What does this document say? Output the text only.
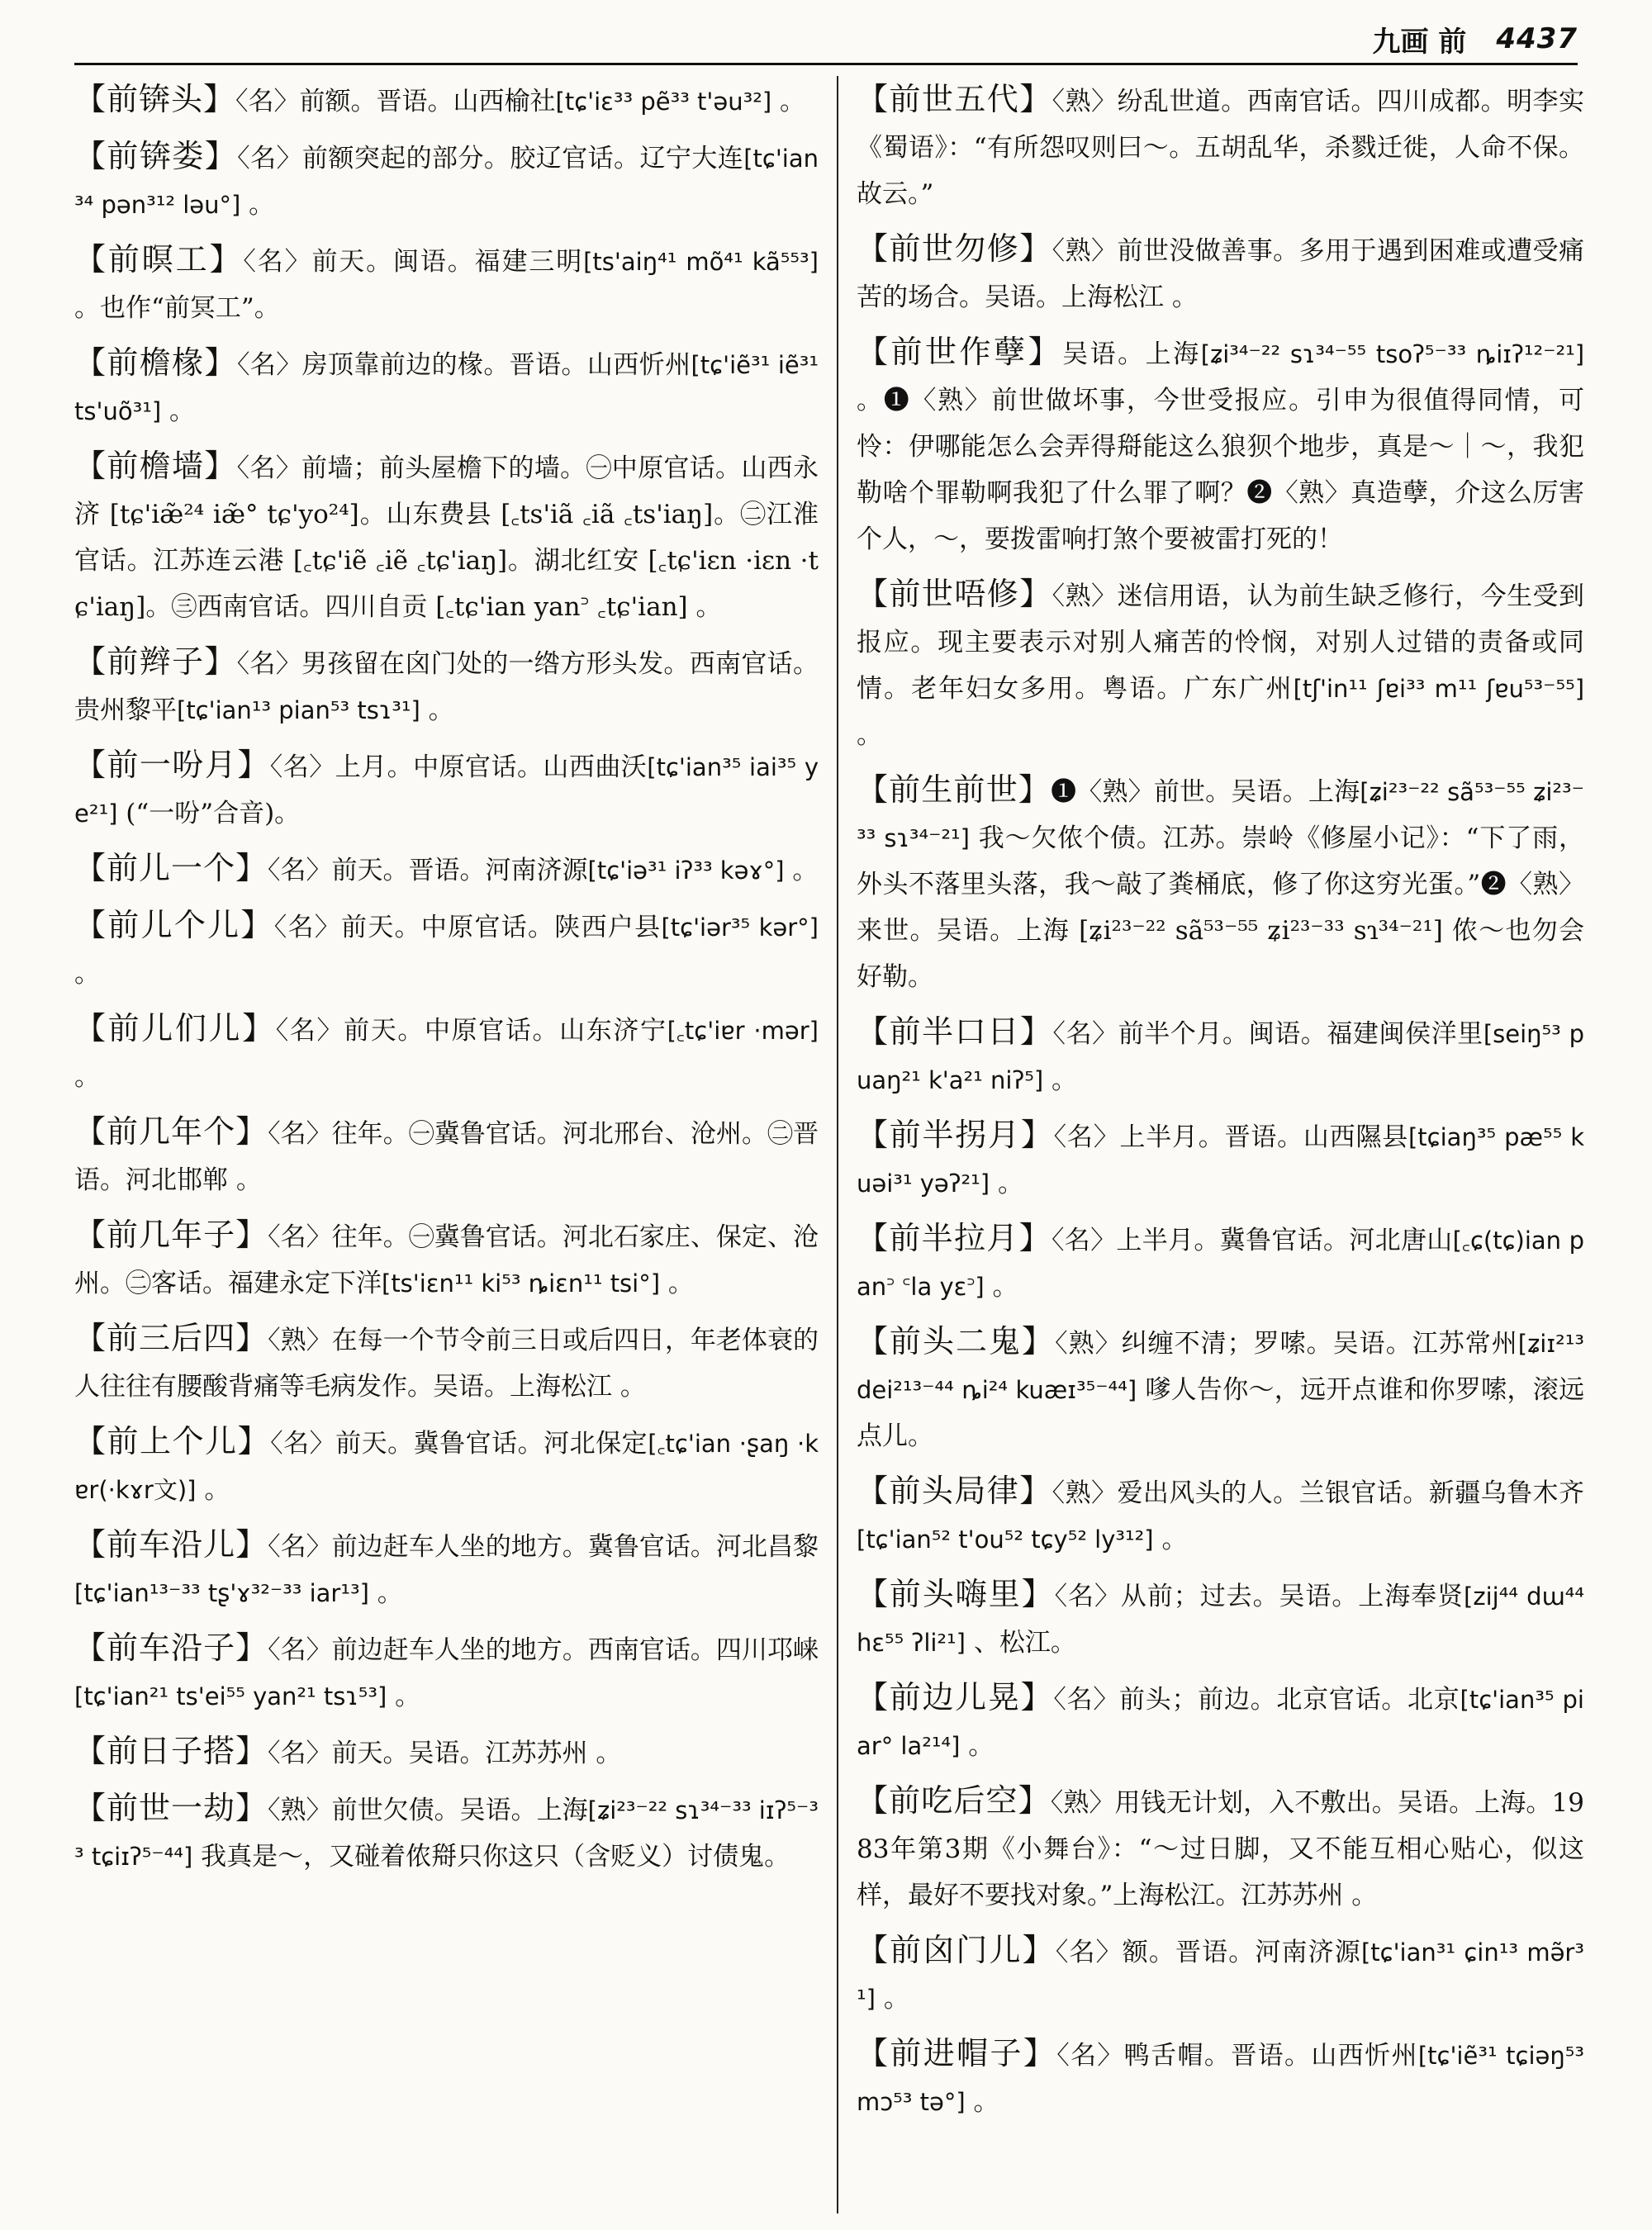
九画 前 4437
【前锛头】〈名〉前额。晋语。山西榆社[tɕ'iɛ³³ pẽ³³ t'əu³²] 。
【前锛娄】〈名〉前额突起的部分。胶辽官话。辽宁大连[tɕ'ian³⁴ pən³¹² ləu°] 。
【前暝工】〈名〉前天。闽语。福建三明[ts'aiŋ⁴¹ mõ⁴¹ kã⁵⁵³] 。也作“前冥工”。
【前檐椽】〈名〉房顶靠前边的椽。晋语。山西忻州[tɕ'iẽ³¹ iẽ³¹ ts'uõ³¹] 。
【前檐墙】〈名〉前墙；前头屋檐下的墙。㊀中原官话。山西永济 [tɕ'iæ̃²⁴ iæ̃° tɕ'yo²⁴]。山东费县 [꜀ts'iã ꜀iã ꜀ts'iaŋ]。㊁江淮官话。江苏连云港 [꜀tɕ'iẽ ꜀iẽ ꜀tɕ'iaŋ]。湖北红安 [꜀tɕ'iɛn ·iɛn ·tɕ'iaŋ]。㊂西南官话。四川自贡 [꜀tɕ'ian yan꜄ ꜀tɕ'ian] 。
【前辫子】〈名〉男孩留在囟门处的一绺方形头发。西南官话。贵州黎平[tɕ'ian¹³ pian⁵³ tsɿ³¹] 。
【前一吩月】〈名〉上月。中原官话。山西曲沃[tɕ'ian³⁵ iai³⁵ ye²¹] (“一吩”合音)。
【前儿一个】〈名〉前天。晋语。河南济源[tɕ'iə³¹ iʔ³³ kəɤ°] 。
【前儿个儿】〈名〉前天。中原官话。陕西户县[tɕ'iər³⁵ kər°] 。
【前儿们儿】〈名〉前天。中原官话。山东济宁[꜀tɕ'iɐr ·mər] 。
【前几年个】〈名〉往年。㊀冀鲁官话。河北邢台、沧州。㊁晋语。河北邯郸 。
【前几年子】〈名〉往年。㊀冀鲁官话。河北石家庄、保定、沧州。㊁客话。福建永定下洋[ts'iɛn¹¹ ki⁵³ ȵiɛn¹¹ tsi°] 。
【前三后四】〈熟〉在每一个节令前三日或后四日，年老体衰的人往往有腰酸背痛等毛病发作。吴语。上海松江 。
【前上个儿】〈名〉前天。冀鲁官话。河北保定[꜀tɕ'ian ·ʂaŋ ·kɐr(·kɤr文)] 。
【前车沿儿】〈名〉前边赶车人坐的地方。冀鲁官话。河北昌黎[tɕ'ian¹³⁻³³ tʂ'ɤ³²⁻³³ iar¹³] 。
【前车沿子】〈名〉前边赶车人坐的地方。西南官话。四川邛崃[tɕ'ian²¹ ts'ei⁵⁵ yan²¹ tsɿ⁵³] 。
【前日子搭】〈名〉前天。吴语。江苏苏州 。
【前世一劫】〈熟〉前世欠债。吴语。上海[ʑi²³⁻²² sɿ³⁴⁻³³ iɪʔ⁵⁻³³ tɕiɪʔ⁵⁻⁴⁴] 我真是～，又碰着侬搿只你这只（含贬义）讨债鬼。
【前世五代】〈熟〉纷乱世道。西南官话。四川成都。明李实《蜀语》：“有所怨叹则曰～。五胡乱华，杀戮迁徙，人命不保。故云。”
【前世勿修】〈熟〉前世没做善事。多用于遇到困难或遭受痛苦的场合。吴语。上海松江 。
【前世作孽】吴语。上海[ʑi³⁴⁻²² sɿ³⁴⁻⁵⁵ tsoʔ⁵⁻³³ ȵiɪʔ¹²⁻²¹] 。❶〈熟〉前世做坏事，今世受报应。引申为很值得同情，可怜：伊哪能怎么会弄得搿能这么狼狈个地步，真是～｜～，我犯勒啥个罪勒啊我犯了什么罪了啊？❷〈熟〉真造孽，介这么厉害个人，～，要拨雷响打煞个要被雷打死的！
【前世唔修】〈熟〉迷信用语，认为前生缺乏修行，今生受到报应。现主要表示对别人痛苦的怜悯，对别人过错的责备或同情。老年妇女多用。粤语。广东广州[tʃ'in¹¹ ʃɐi³³ m¹¹ ʃɐu⁵³⁻⁵⁵] 。
【前生前世】❶〈熟〉前世。吴语。上海[ʑi²³⁻²² sã⁵³⁻⁵⁵ ʑi²³⁻³³ sɿ³⁴⁻²¹] 我～欠侬个债。江苏。崇岭《修屋小记》：“下了雨，外头不落里头落，我～敲了粪桶底，修了你这穷光蛋。”❷〈熟〉来世。吴语。上海 [ʑi²³⁻²² sã⁵³⁻⁵⁵ ʑi²³⁻³³ sɿ³⁴⁻²¹] 侬～也勿会好勒。
【前半口日】〈名〉前半个月。闽语。福建闽侯洋里[seiŋ⁵³ puaŋ²¹ k'a²¹ niʔ⁵] 。
【前半拐月】〈名〉上半月。晋语。山西隰县[tɕiaŋ³⁵ pæ⁵⁵ kuəi³¹ yəʔ²¹] 。
【前半拉月】〈名〉上半月。冀鲁官话。河北唐山[꜀ɕ(tɕ)ian pan꜄ ꜂la yɛ꜄] 。
【前头二鬼】〈熟〉纠缠不清；罗嗦。吴语。江苏常州[ʑiɪ²¹³ dei²¹³⁻⁴⁴ ȵi²⁴ kuæɪ³⁵⁻⁴⁴] 嗲人告你～，远开点谁和你罗嗦，滚远点儿。
【前头局律】〈熟〉爱出风头的人。兰银官话。新疆乌鲁木齐[tɕ'ian⁵² t'ou⁵² tɕy⁵² ly³¹²] 。
【前头嗨里】〈名〉从前；过去。吴语。上海奉贤[zij⁴⁴ dɯ⁴⁴ hɛ⁵⁵ ʔli²¹] 、松江。
【前边儿晃】〈名〉前头；前边。北京官话。北京[tɕ'ian³⁵ piar° la²¹⁴] 。
【前吃后空】〈熟〉用钱无计划，入不敷出。吴语。上海。1983年第3期《小舞台》：“～过日脚，又不能互相心贴心，似这样，最好不要找对象。”上海松江。江苏苏州 。
【前囟门儿】〈名〉额。晋语。河南济源[tɕ'ian³¹ ɕin¹³ mə̃r³¹] 。
【前进帽子】〈名〉鸭舌帽。晋语。山西忻州[tɕ'iẽ³¹ tɕiəŋ⁵³ mɔ⁵³ tə°] 。
